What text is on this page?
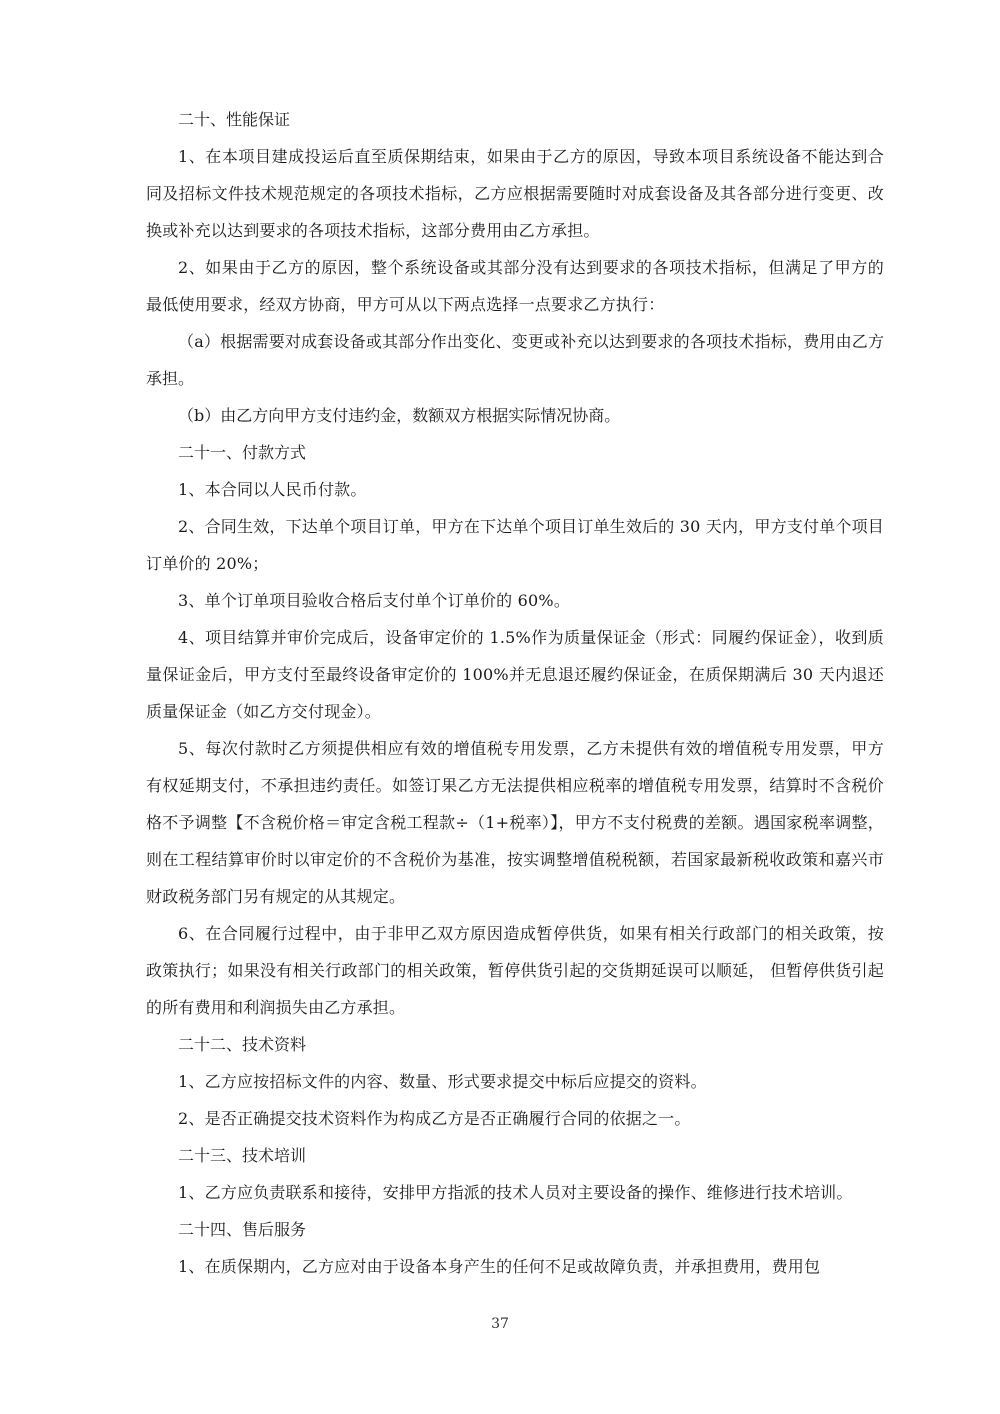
二十、性能保证

1、在本项目建成投运后直至质保期结束，如果由于乙方的原因，导致本项目系统设备不能达到合同及招标文件技术规范规定的各项技术指标，乙方应根据需要随时对成套设备及其各部分进行变更、改换或补充以达到要求的各项技术指标，这部分费用由乙方承担。

2、如果由于乙方的原因，整个系统设备或其部分没有达到要求的各项技术指标，但满足了甲方的最低使用要求，经双方协商，甲方可从以下两点选择一点要求乙方执行：

（a）根据需要对成套设备或其部分作出变化、变更或补充以达到要求的各项技术指标，费用由乙方承担。

（b）由乙方向甲方支付违约金，数额双方根据实际情况协商。

二十一、付款方式

1、本合同以人民币付款。

2、合同生效，下达单个项目订单，甲方在下达单个项目订单生效后的 30 天内，甲方支付单个项目订单价的 20%；

3、单个订单项目验收合格后支付单个订单价的 60%。

4、项目结算并审价完成后，设备审定价的 1.5%作为质量保证金（形式：同履约保证金），收到质量保证金后，甲方支付至最终设备审定价的 100%并无息退还履约保证金，在质保期满后 30 天内退还质量保证金（如乙方交付现金）。

5、每次付款时乙方须提供相应有效的增值税专用发票，乙方未提供有效的增值税专用发票，甲方有权延期支付，不承担违约责任。如签订果乙方无法提供相应税率的增值税专用发票，结算时不含税价格不予调整【不含税价格＝审定含税工程款÷（1+税率）】，甲方不支付税费的差额。遇国家税率调整，则在工程结算审价时以审定价的不含税价为基准，按实调整增值税税额，若国家最新税收政策和嘉兴市财政税务部门另有规定的从其规定。

6、在合同履行过程中，由于非甲乙双方原因造成暂停供货，如果有相关行政部门的相关政策，按政策执行；如果没有相关行政部门的相关政策，暂停供货引起的交货期延误可以顺延， 但暂停供货引起的所有费用和利润损失由乙方承担。

二十二、技术资料

1、乙方应按招标文件的内容、数量、形式要求提交中标后应提交的资料。

2、是否正确提交技术资料作为构成乙方是否正确履行合同的依据之一。

二十三、技术培训

1、乙方应负责联系和接待，安排甲方指派的技术人员对主要设备的操作、维修进行技术培训。

二十四、售后服务

1、在质保期内，乙方应对由于设备本身产生的任何不足或故障负责，并承担费用，费用包

37
